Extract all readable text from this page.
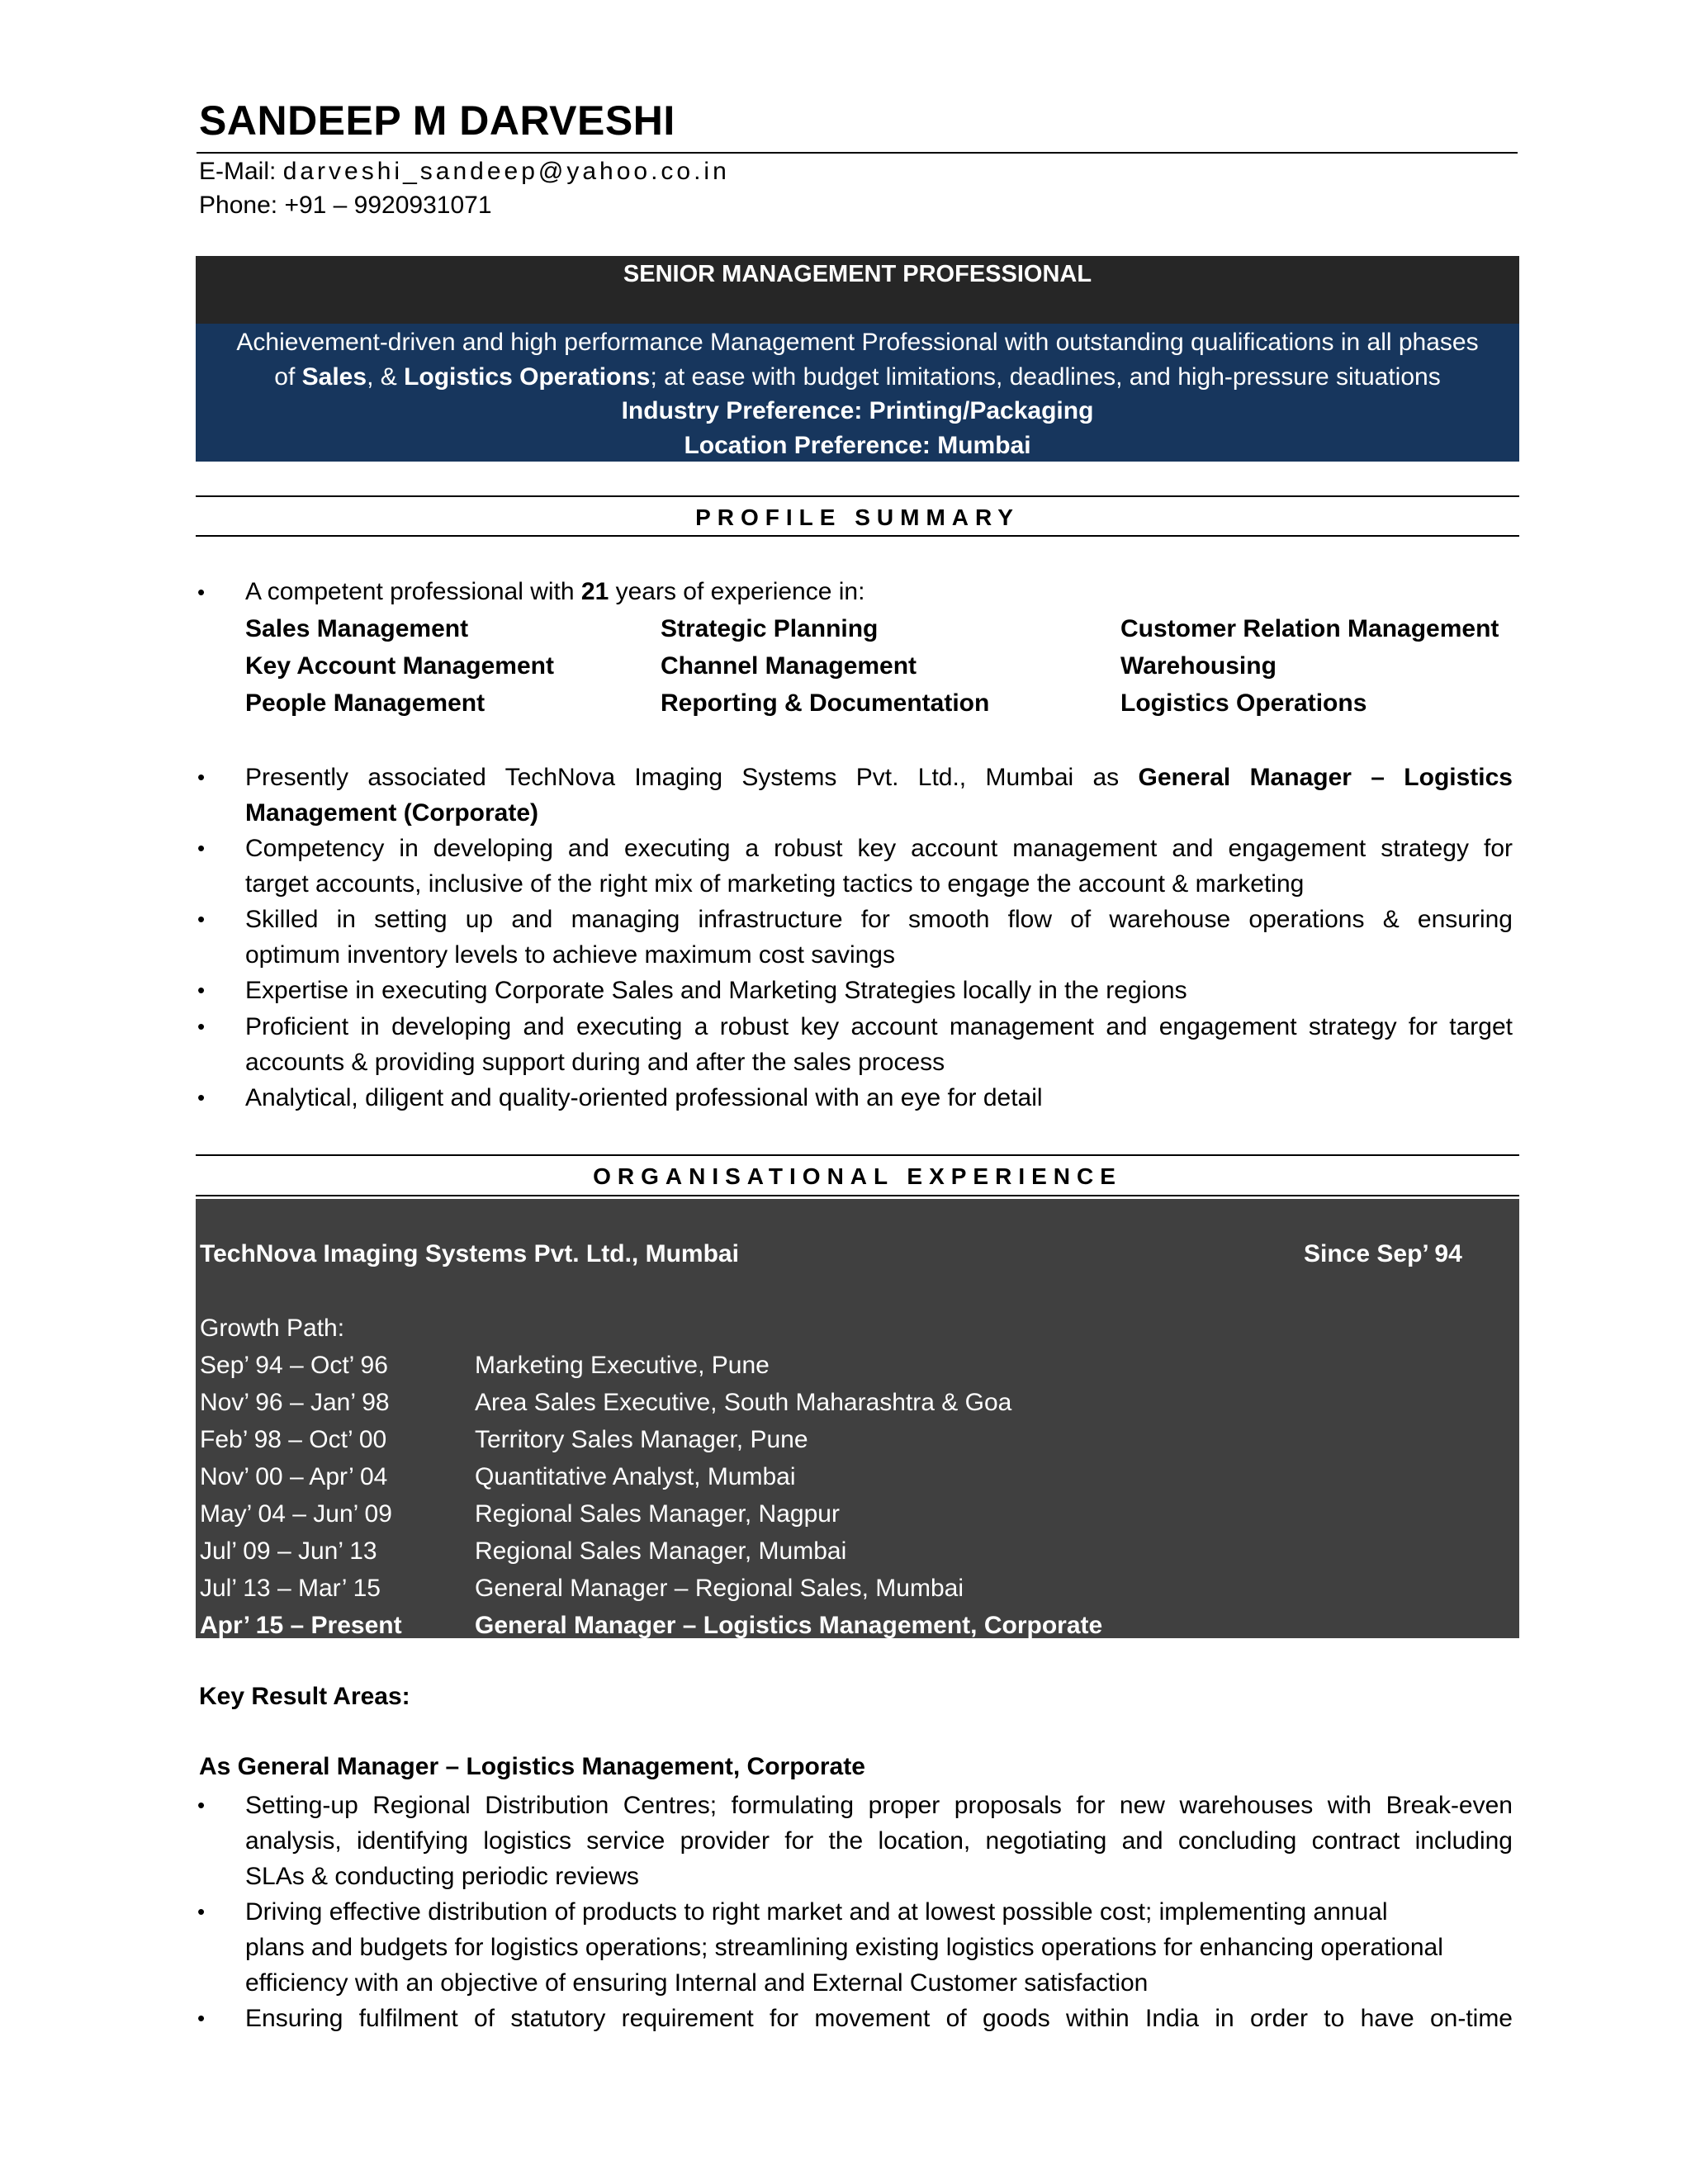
SANDEEP M DARVESHI
E-Mail: darveshi_sandeep@yahoo.co.in
Phone: +91 – 9920931071
SENIOR MANAGEMENT PROFESSIONAL
Achievement-driven and high performance Management Professional with outstanding qualifications in all phases
of Sales, & Logistics Operations; at ease with budget limitations, deadlines, and high-pressure situations
Industry Preference: Printing/Packaging
Location Preference: Mumbai
PROFILE SUMMARY
• A competent professional with 21 years of experience in:
Sales Management	Strategic Planning	Customer Relation Management
Key Account Management	Channel Management	Warehousing
People Management	Reporting & Documentation	Logistics Operations
• Presently associated TechNova Imaging Systems Pvt. Ltd., Mumbai as General Manager – Logistics
Management (Corporate)
• Competency in developing and executing a robust key account management and engagement strategy for
target accounts, inclusive of the right mix of marketing tactics to engage the account & marketing
• Skilled in setting up and managing infrastructure for smooth flow of warehouse operations & ensuring
optimum inventory levels to achieve maximum cost savings
• Expertise in executing Corporate Sales and Marketing Strategies locally in the regions
• Proficient in developing and executing a robust key account management and engagement strategy for target
accounts & providing support during and after the sales process
• Analytical, diligent and quality-oriented professional with an eye for detail
ORGANISATIONAL EXPERIENCE
TechNova Imaging Systems Pvt. Ltd., Mumbai	Since Sep’ 94
Growth Path:
Sep’ 94 – Oct’ 96	Marketing Executive, Pune
Nov’ 96 – Jan’ 98	Area Sales Executive, South Maharashtra & Goa
Feb’ 98 – Oct’ 00	Territory Sales Manager, Pune
Nov’ 00 – Apr’ 04	Quantitative Analyst, Mumbai
May’ 04 – Jun’ 09	Regional Sales Manager, Nagpur
Jul’ 09 – Jun’ 13	Regional Sales Manager, Mumbai
Jul’ 13 – Mar’ 15	General Manager – Regional Sales, Mumbai
Apr’ 15 – Present	General Manager – Logistics Management, Corporate
Key Result Areas:
As General Manager – Logistics Management, Corporate
• Setting-up Regional Distribution Centres; formulating proper proposals for new warehouses with Break-even
analysis, identifying logistics service provider for the location, negotiating and concluding contract including
SLAs & conducting periodic reviews
• Driving effective distribution of products to right market and at lowest possible cost; implementing annual
plans and budgets for logistics operations; streamlining existing logistics operations for enhancing operational
efficiency with an objective of ensuring Internal and External Customer satisfaction
• Ensuring fulfilment of statutory requirement for movement of goods within India in order to have on-time
